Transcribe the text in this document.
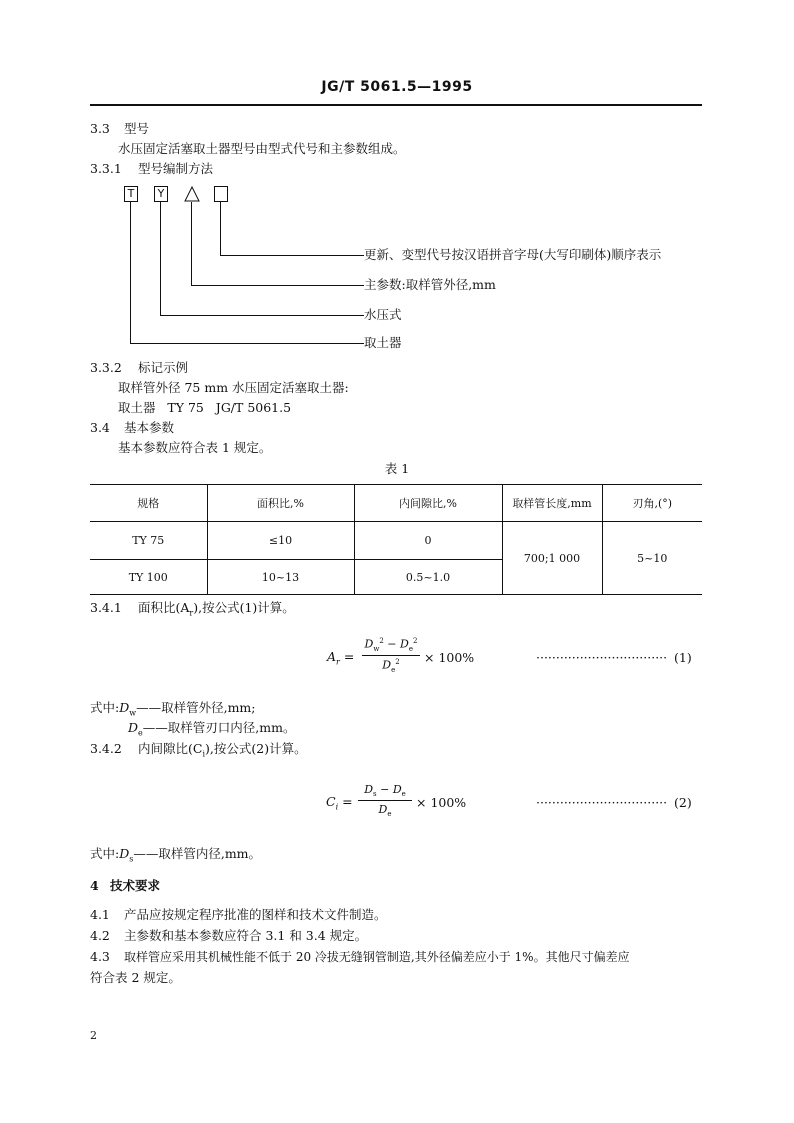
JG/T 5061.5—1995
3.3 型号
水压固定活塞取土器型号由型式代号和主参数组成。
3.3.1 型号编制方法
T	Y
更新、变型代号按汉语拼音字母(大写印刷体)顺序表示
主参数:取样管外径,mm
水压式
取土器
3.3.2 标记示例
取样管外径 75 mm 水压固定活塞取土器:
取土器   TY 75   JG/T 5061.5
3.4 基本参数
基本参数应符合表 1 规定。
表 1
规格	面积比,%	内间隙比,%	取样管长度,mm	刃角,(°)
TY 75	≤10	0	700;1 000	5~10
TY 100	10~13	0.5~1.0		
3.4.1 面积比$(A_r)$,按公式(1)计算。
$A_r$ =
$D_w^2 - D_e^2$
$D_e^2$	× 100%	································· (1)
式中$:D_w——$取样管外径,mm;
$D_e——$取样管刃口内径,mm。
3.4.2 内间隙比$(C_i)$,按公式(2)计算。
$C_i$ =
$D_s - D_e$
$D_e$
× 100%	································· (2)
式中$:D_s——$取样管内径,mm。
4 技术要求
4.1 产品应按规定程序批准的图样和技术文件制造。
4.2 主参数和基本参数应符合 3.1 和 3.4 规定。
4.3 取样管应采用其机械性能不低于 20 冷拔无缝钢管制造,其外径偏差应小于 1%。其他尺寸偏差应
符合表 2 规定。
2
